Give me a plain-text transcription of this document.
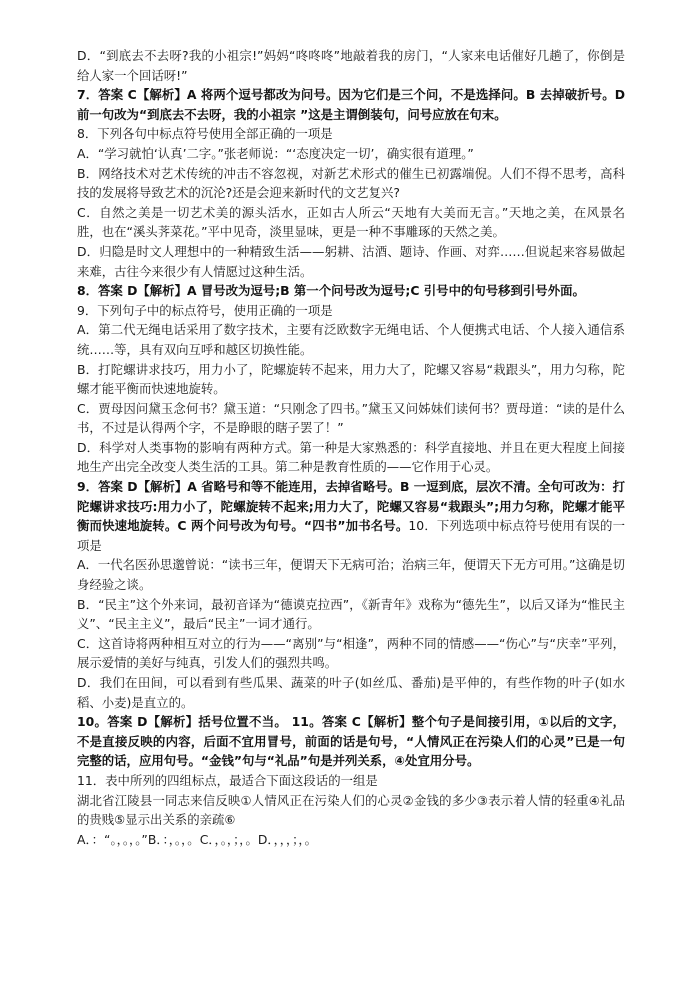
D．“到底去不去呀?我的小祖宗!”妈妈“咚咚咚”地敲着我的房门，“人家来电话催好几趟了，你倒是给人家一个回话呀!”

7．答案 C【解析】A 将两个逗号都改为问号。因为它们是三个问，不是选择问。B 去掉破折号。D 前一句改为“到底去不去呀，我的小祖宗 ”这是主谓倒装句，问号应放在句末。

8．下列各句中标点符号使用全部正确的一项是

A．“学习就怕‘认真’二字。”张老师说：“‘态度决定一切’，确实很有道理。”

B．网络技术对艺术传统的冲击不容忽视，对新艺术形式的催生已初露端倪。人们不得不思考，高科技的发展将导致艺术的沉沦?还是会迎来新时代的文艺复兴?

C．自然之美是一切艺术美的源头活水，正如古人所云“天地有大美而无言。”天地之美，在风景名胜，也在“溪头荠菜花。”平中见奇，淡里显味，更是一种不事雕琢的天然之美。

D．归隐是时文人理想中的一种精致生活——躬耕、沽酒、题诗、作画、对弈……但说起来容易做起来难，古往今来很少有人情愿过这种生活。

8．答案 D【解析】A 冒号改为逗号;B 第一个问号改为逗号;C 引号中的句号移到引号外面。

9．下列句子中的标点符号，使用正确的一项是

A．第二代无绳电话采用了数字技术，主要有泛欧数字无绳电话、个人便携式电话、个人接入通信系统……等，具有双向互呼和越区切换性能。

B．打陀螺讲求技巧，用力小了，陀螺旋转不起来，用力大了，陀螺又容易“栽跟头”，用力匀称，陀螺才能平衡而快速地旋转。

C．贾母因问黛玉念何书？黛玉道：“只刚念了四书。”黛玉又问姊妹们读何书？贾母道：“读的是什么书，不过是认得两个字，不是睁眼的瞎子罢了！”

D．科学对人类事物的影响有两种方式。第一种是大家熟悉的：科学直接地、并且在更大程度上间接地生产出完全改变人类生活的工具。第二种是教育性质的——它作用于心灵。

9．答案 D【解析】A 省略号和等不能连用，去掉省略号。B 一逗到底，层次不清。全句可改为：打陀螺讲求技巧:用力小了，陀螺旋转不起来;用力大了，陀螺又容易“栽跟头”;用力匀称，陀螺才能平衡而快速地旋转。C 两个问号改为句号。“四书”加书名号。10．下列选项中标点符号使用有误的一项是

A．一代名医孙思邈曾说：“读书三年，便谓天下无病可治；治病三年，便谓天下无方可用。”这确是切身经验之谈。

B．“民主”这个外来词，最初音译为“德谟克拉西”，《新青年》戏称为“德先生”，以后又译为“惟民主义”、“民主主义”，最后“民主”一词才通行。

C．这首诗将两种相互对立的行为——“离别”与“相逢”，两种不同的情感——“伤心”与“庆幸”平列，展示爱情的美好与纯真，引发人们的强烈共鸣。

D．我们在田间，可以看到有些瓜果、蔬菜的叶子(如丝瓜、番茄)是平伸的，有些作物的叶子(如水稻、小麦)是直立的。

10。答案 D【解析】括号位置不当。 11。答案 C【解析】整个句子是间接引用，①以后的文字，不是直接反映的内容，后面不宜用冒号，前面的话是句号，“人情风正在污染人们的心灵”已是一句完整的话，应用句号。“金钱”句与“礼品”句是并列关系，④处宜用分号。

11．表中所列的四组标点，最适合下面这段话的一组是

湖北省江陵县一同志来信反映①人情风正在污染人们的心灵②金钱的多少③表示着人情的轻重④礼品的贵贱⑤显示出关系的亲疏⑥

A．：“。，。，。”B．：，。，。C．，。，；，。D．，，，；，。
